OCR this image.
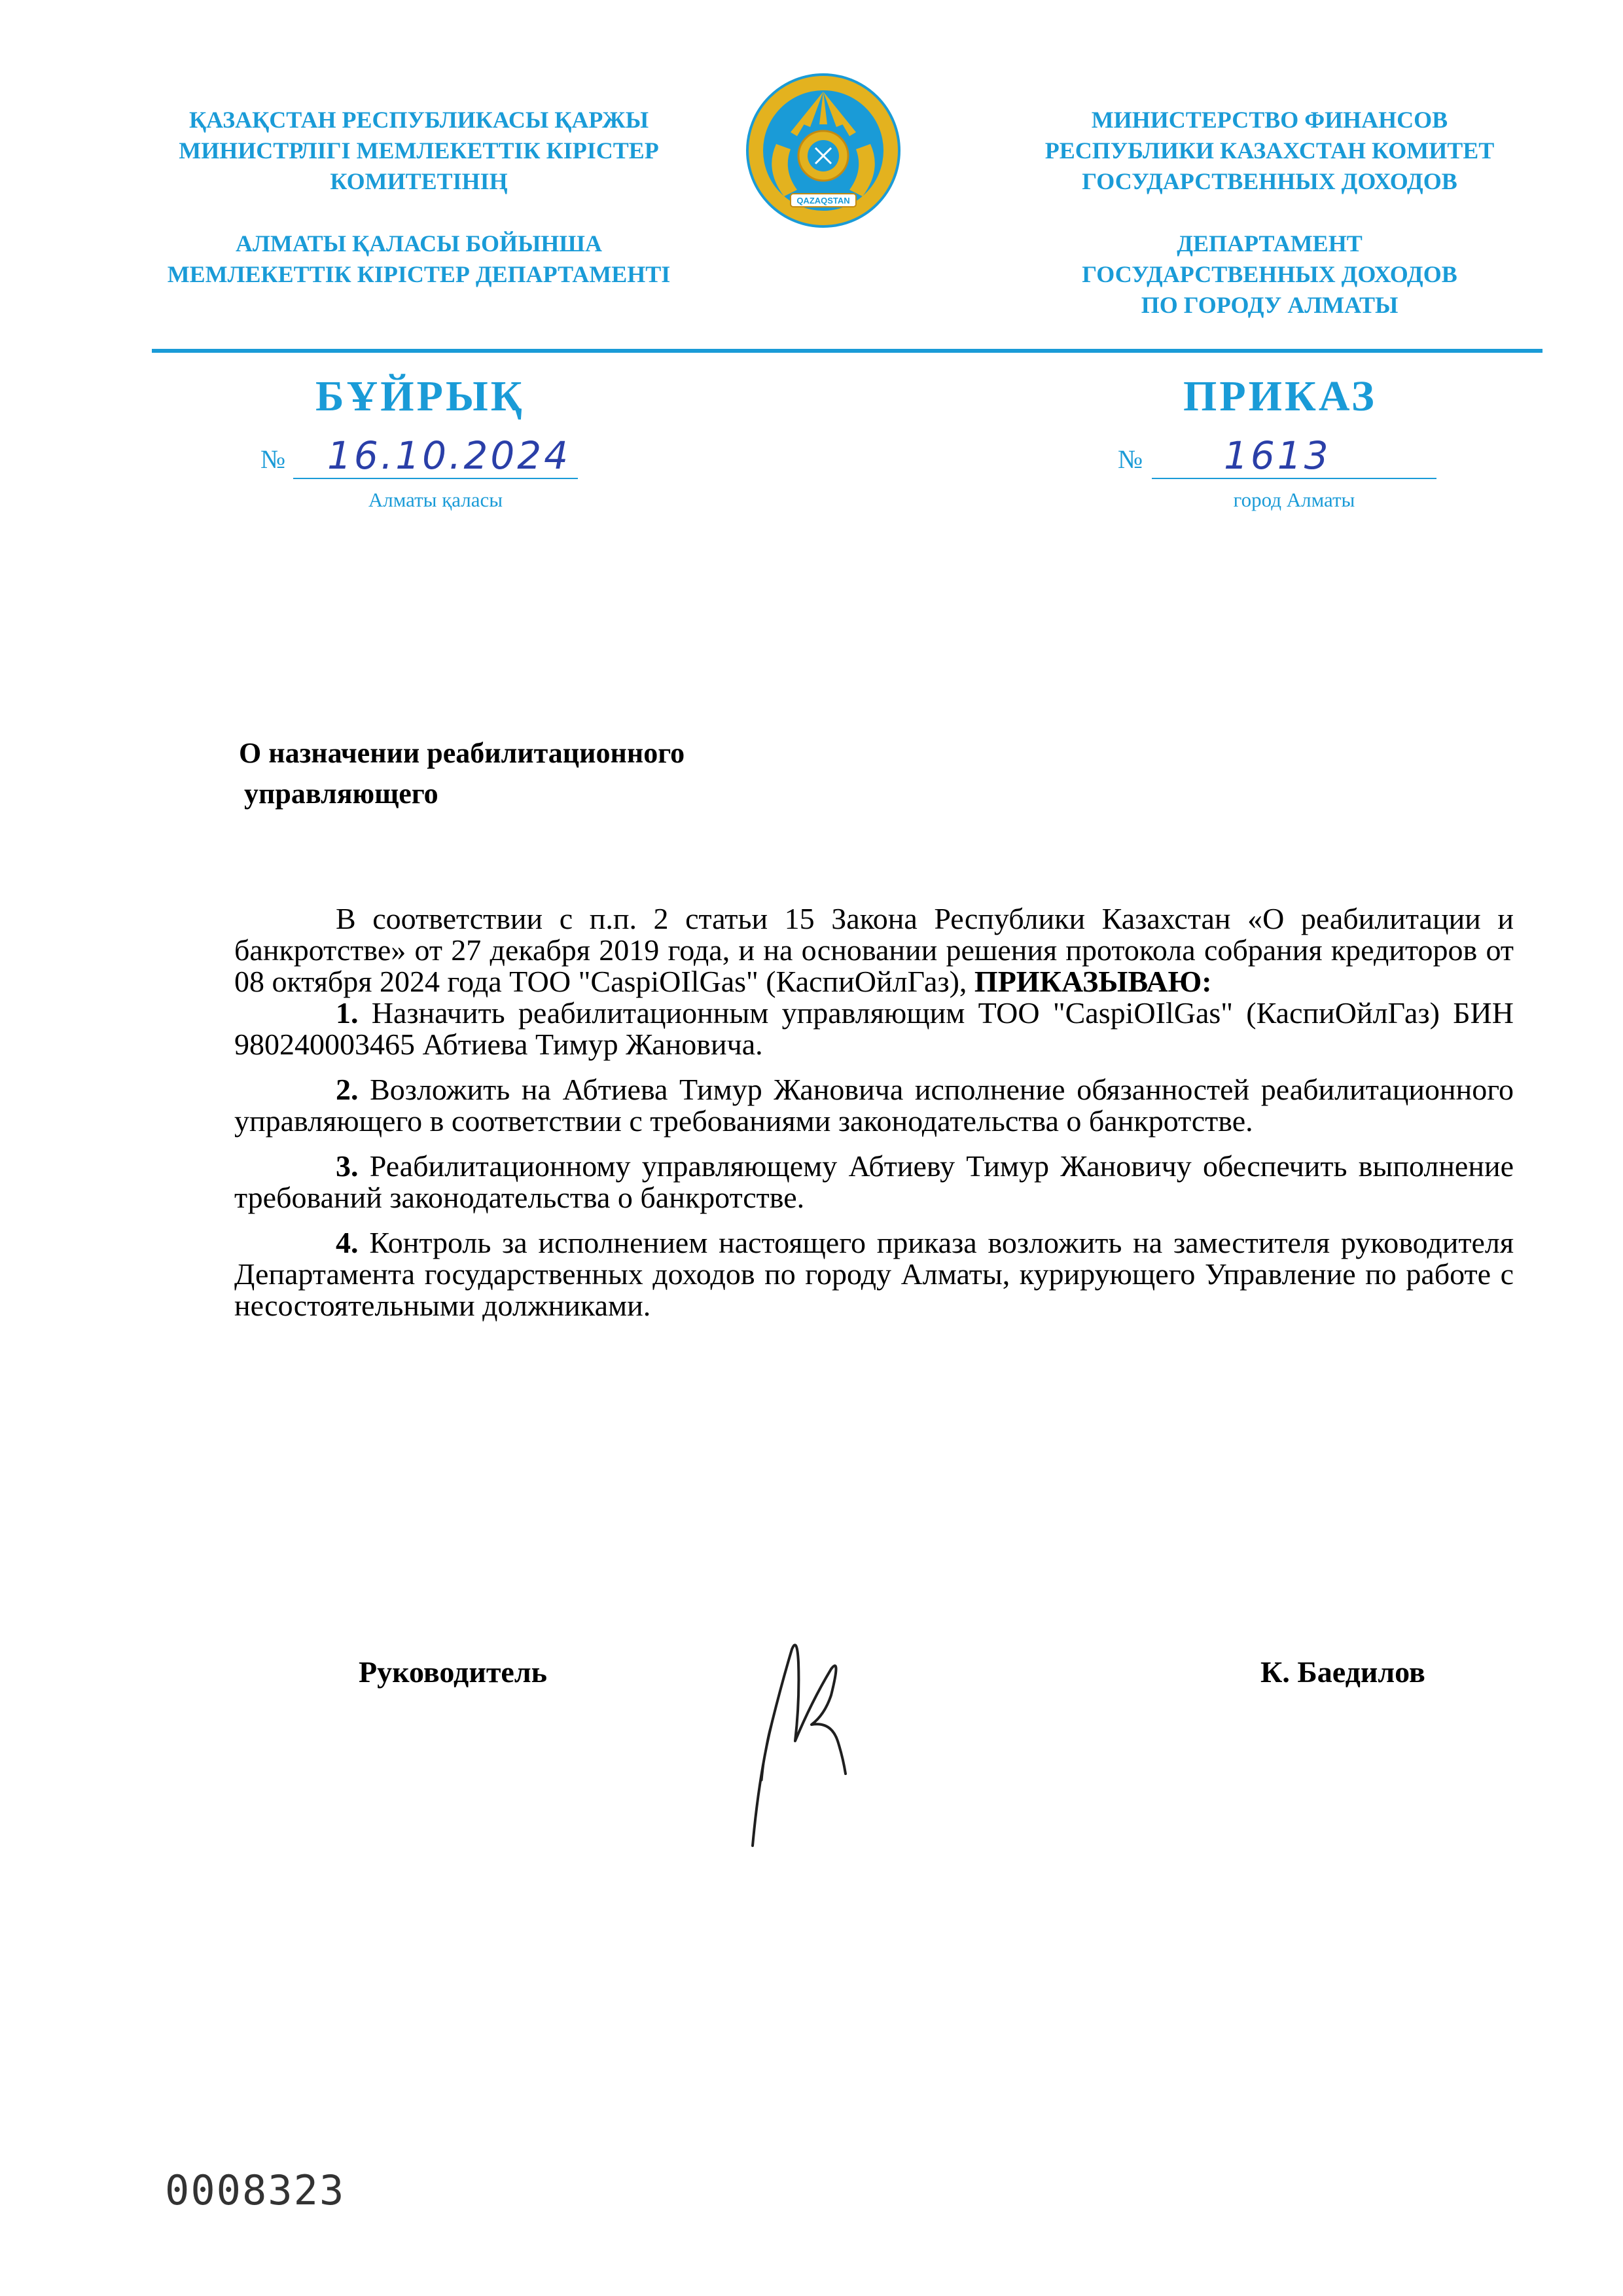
ҚАЗАҚСТАН РЕСПУБЛИКАСЫ ҚАРЖЫ
МИНИСТРЛІГІ МЕМЛЕКЕТТІК КІРІСТЕР
КОМИТЕТІНІҢ
АЛМАТЫ ҚАЛАСЫ БОЙЫНША
МЕМЛЕКЕТТІК КІРІСТЕР ДЕПАРТАМЕНТІ
QAZAQSTAN
МИНИСТЕРСТВО ФИНАНСОВ
РЕСПУБЛИКИ КАЗАХСТАН КОМИТЕТ
ГОСУДАРСТВЕННЫХ ДОХОДОВ
ДЕПАРТАМЕНТ
ГОСУДАРСТВЕННЫХ ДОХОДОВ
ПО ГОРОДУ АЛМАТЫ
БҰЙРЫҚ	ПРИКАЗ
№ 16.10.2024
Алматы қаласы
№ 1613
город Алматы
О назначении реабилитационного
управляющего

В соответствии с п.п. 2 статьи 15 Закона Республики Казахстан «О реабилитации и банкротстве» от 27 декабря 2019 года, и на основании решения протокола собрания кредиторов от 08 октября 2024 года ТОО "CaspiOIlGas" (КаспиОйлГаз), ПРИКАЗЫВАЮ:

1. Назначить реабилитационным управляющим ТОО "CaspiOIlGas" (КаспиОйлГаз) БИН 980240003465 Абтиева Тимур Жановича.

2. Возложить на Абтиева Тимур Жановича исполнение обязанностей реабилитационного управляющего в соответствии с требованиями законодательства о банкротстве.

3. Реабилитационному управляющему Абтиеву Тимур Жановичу обеспечить выполнение требований законодательства о банкротстве.

4. Контроль за исполнением настоящего приказа возложить на заместителя руководителя Департамента государственных доходов по городу Алматы, курирующего Управление по работе с несостоятельными должниками.

Руководитель	К. Баедилов
0008323
